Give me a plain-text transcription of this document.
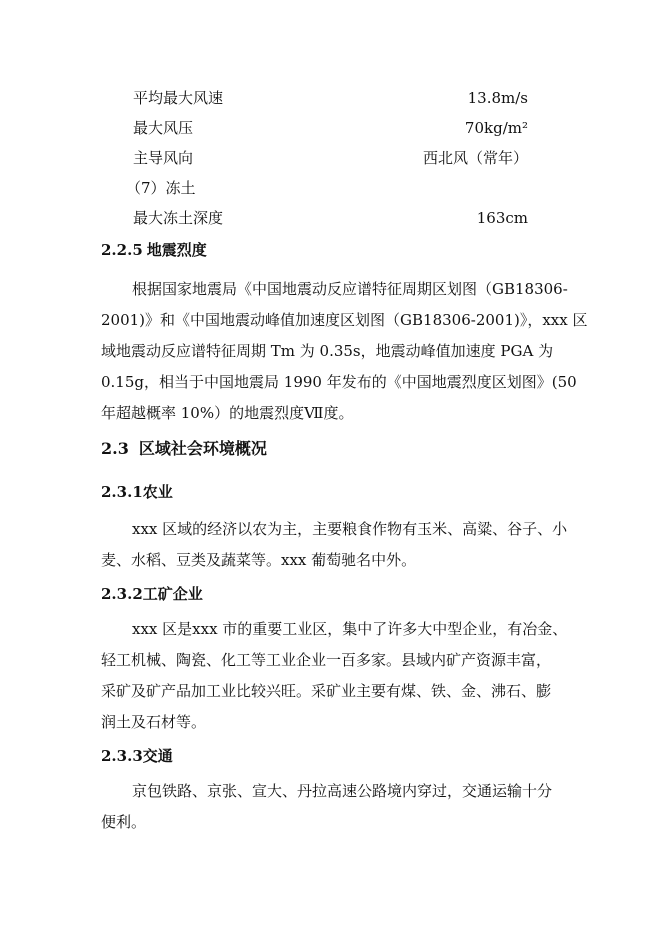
平均最大风速	13.8m/s
最大风压	70kg/m²
主导风向	西北风（常年）
（7）冻土
最大冻土深度	163cm
2.2.5 地震烈度

根据国家地震局《中国地震动反应谱特征周期区划图（GB18306-

2001)》和《中国地震动峰值加速度区划图（GB18306-2001)》，xxx 区

域地震动反应谱特征周期 Tm 为 0.35s，地震动峰值加速度 PGA 为

0.15g，相当于中国地震局 1990 年发布的《中国地震烈度区划图》(50

年超越概率 10%）的地震烈度Ⅶ度。

2.3 区域社会环境概况
2.3.1农业

xxx 区域的经济以农为主，主要粮食作物有玉米、高粱、谷子、小

麦、水稻、豆类及蔬菜等。xxx 葡萄驰名中外。

2.3.2工矿企业

xxx 区是xxx 市的重要工业区，集中了许多大中型企业，有冶金、

轻工机械、陶瓷、化工等工业企业一百多家。县域内矿产资源丰富，

采矿及矿产品加工业比较兴旺。采矿业主要有煤、铁、金、沸石、膨

润土及石材等。

2.3.3交通

京包铁路、京张、宣大、丹拉高速公路境内穿过，交通运输十分

便利。
